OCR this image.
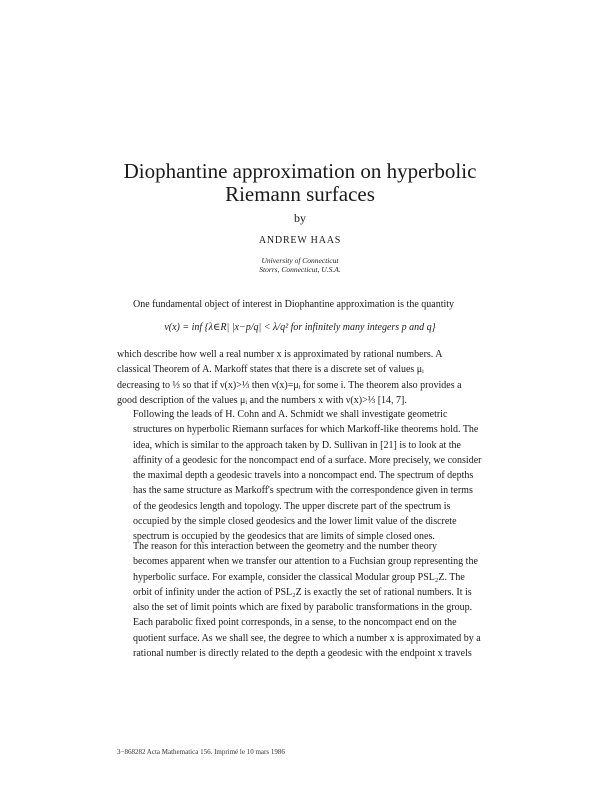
Diophantine approximation on hyperbolic
Riemann surfaces
by
ANDREW HAAS
University of Connecticut
Storrs, Connecticut, U.S.A.

One fundamental object of interest in Diophantine approximation is the quantity

ν(x) = inf {λ∈R| |x−p/q| < λ/q² for infinitely many integers p and q}

which describe how well a real number x is approximated by rational numbers. A
classical Theorem of A. Markoff states that there is a discrete set of values μᵢ
decreasing to ⅓ so that if ν(x)>⅓ then ν(x)=μᵢ for some i. The theorem also provides a
good description of the values μᵢ and the numbers x with ν(x)>⅓ [14, 7].

Following the leads of H. Cohn and A. Schmidt we shall investigate geometric
structures on hyperbolic Riemann surfaces for which Markoff-like theorems hold. The
idea, which is similar to the approach taken by D. Sullivan in [21] is to look at the
affinity of a geodesic for the noncompact end of a surface. More precisely, we consider
the maximal depth a geodesic travels into a noncompact end. The spectrum of depths
has the same structure as Markoff's spectrum with the correspondence given in terms
of the geodesics length and topology. The upper discrete part of the spectrum is
occupied by the simple closed geodesics and the lower limit value of the discrete
spectrum is occupied by the geodesics that are limits of simple closed ones.

The reason for this interaction between the geometry and the number theory
becomes apparent when we transfer our attention to a Fuchsian group representing the
hyperbolic surface. For example, consider the classical Modular group PSL₂Z. The
orbit of infinity under the action of PSL₂Z is exactly the set of rational numbers. It is
also the set of limit points which are fixed by parabolic transformations in the group.
Each parabolic fixed point corresponds, in a sense, to the noncompact end on the
quotient surface. As we shall see, the degree to which a number x is approximated by a
rational number is directly related to the depth a geodesic with the endpoint x travels

3−868282 Acta Mathematica 156. Imprimé le 10 mars 1986
